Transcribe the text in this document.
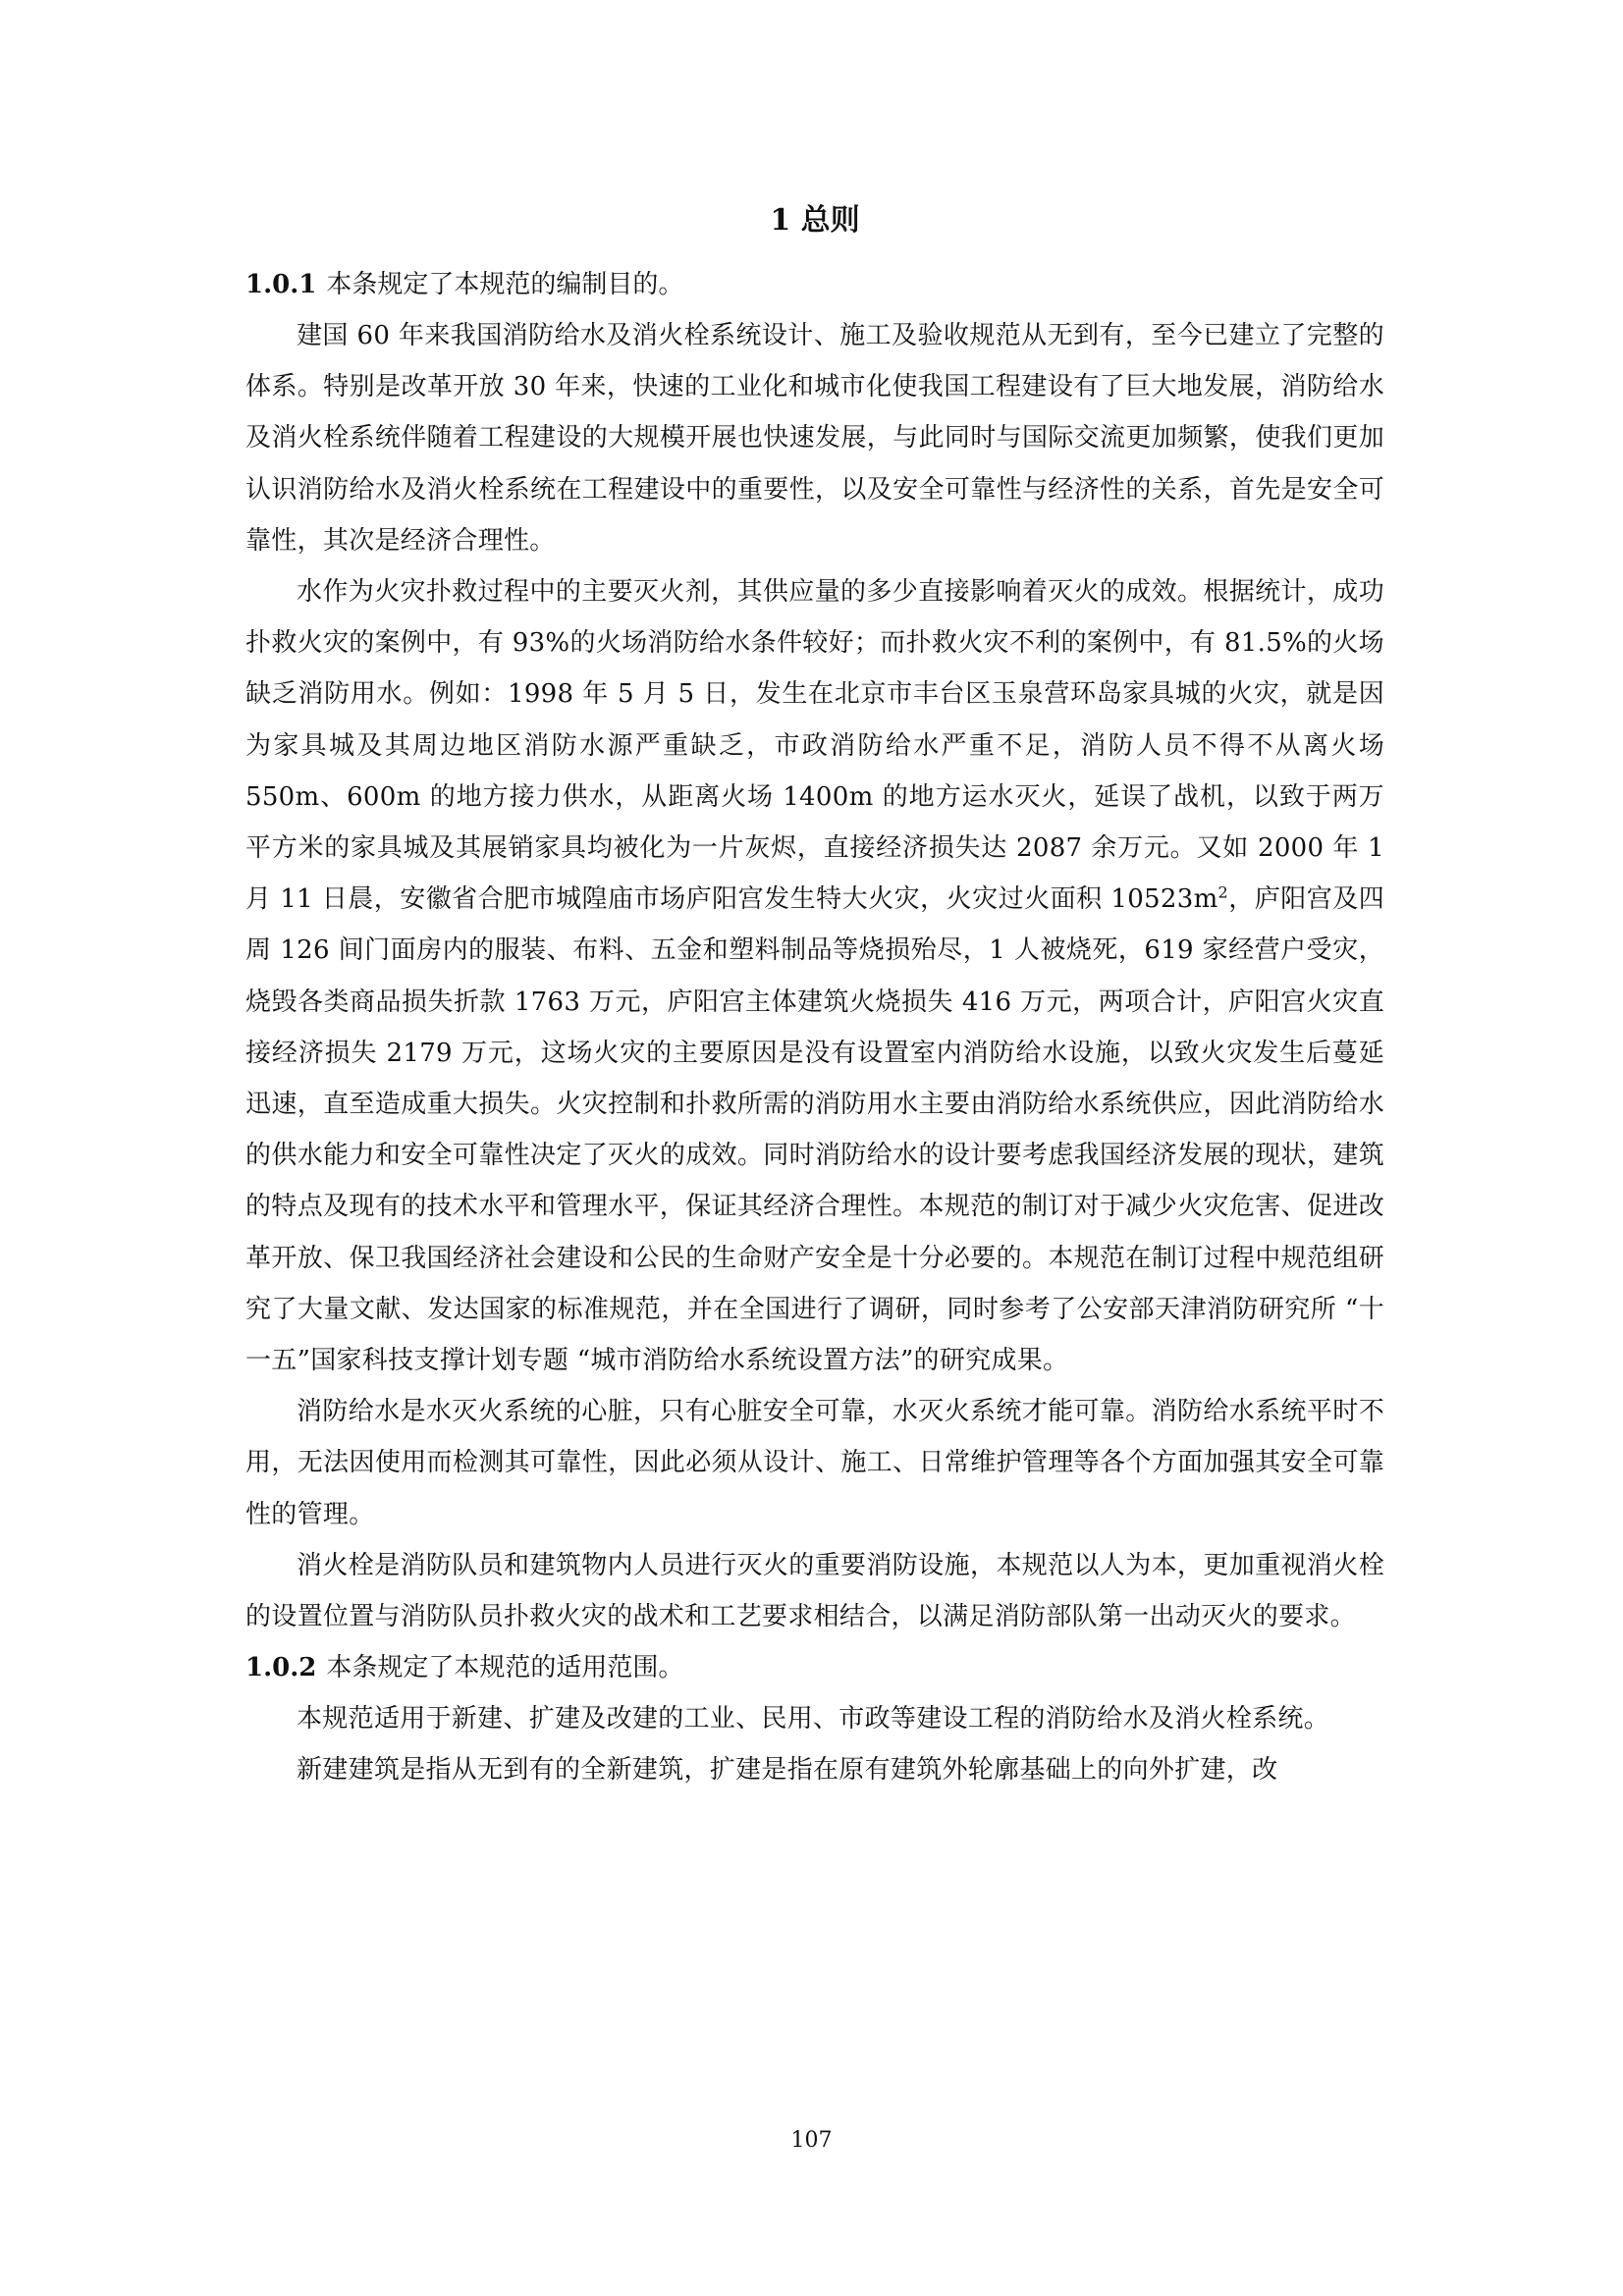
1 总则

1.0.1 本条规定了本规范的编制目的。

建国 60 年来我国消防给水及消火栓系统设计、施工及验收规范从无到有，至今已建立了完整的体系。特别是改革开放 30 年来，快速的工业化和城市化使我国工程建设有了巨大地发展，消防给水及消火栓系统伴随着工程建设的大规模开展也快速发展，与此同时与国际交流更加频繁，使我们更加认识消防给水及消火栓系统在工程建设中的重要性，以及安全可靠性与经济性的关系，首先是安全可靠性，其次是经济合理性。

水作为火灾扑救过程中的主要灭火剂，其供应量的多少直接影响着灭火的成效。根据统计，成功扑救火灾的案例中，有 93%的火场消防给水条件较好；而扑救火灾不利的案例中，有 81.5%的火场缺乏消防用水。例如：1998 年 5 月 5 日，发生在北京市丰台区玉泉营环岛家具城的火灾，就是因为家具城及其周边地区消防水源严重缺乏，市政消防给水严重不足，消防人员不得不从离火场 550m、600m 的地方接力供水，从距离火场 1400m 的地方运水灭火，延误了战机，以致于两万平方米的家具城及其展销家具均被化为一片灰烬，直接经济损失达 2087 余万元。又如 2000 年 1 月 11 日晨，安徽省合肥市城隍庙市场庐阳宫发生特大火灾，火灾过火面积 $10523m^2$，庐阳宫及四周 126 间门面房内的服装、布料、五金和塑料制品等烧损殆尽，1 人被烧死，619 家经营户受灾，烧毁各类商品损失折款 1763 万元，庐阳宫主体建筑火烧损失 416 万元，两项合计，庐阳宫火灾直接经济损失 2179 万元，这场火灾的主要原因是没有设置室内消防给水设施，以致火灾发生后蔓延迅速，直至造成重大损失。火灾控制和扑救所需的消防用水主要由消防给水系统供应，因此消防给水的供水能力和安全可靠性决定了灭火的成效。同时消防给水的设计要考虑我国经济发展的现状，建筑的特点及现有的技术水平和管理水平，保证其经济合理性。本规范的制订对于减少火灾危害、促进改革开放、保卫我国经济社会建设和公民的生命财产安全是十分必要的。本规范在制订过程中规范组研究了大量文献、发达国家的标准规范，并在全国进行了调研，同时参考了公安部天津消防研究所 “十一五”国家科技支撑计划专题 “城市消防给水系统设置方法”的研究成果。

消防给水是水灭火系统的心脏，只有心脏安全可靠，水灭火系统才能可靠。消防给水系统平时不用，无法因使用而检测其可靠性，因此必须从设计、施工、日常维护管理等各个方面加强其安全可靠性的管理。

消火栓是消防队员和建筑物内人员进行灭火的重要消防设施，本规范以人为本，更加重视消火栓的设置位置与消防队员扑救火灾的战术和工艺要求相结合，以满足消防部队第一出动灭火的要求。

1.0.2 本条规定了本规范的适用范围。

本规范适用于新建、扩建及改建的工业、民用、市政等建设工程的消防给水及消火栓系统。

新建建筑是指从无到有的全新建筑，扩建是指在原有建筑外轮廓基础上的向外扩建，改

107
